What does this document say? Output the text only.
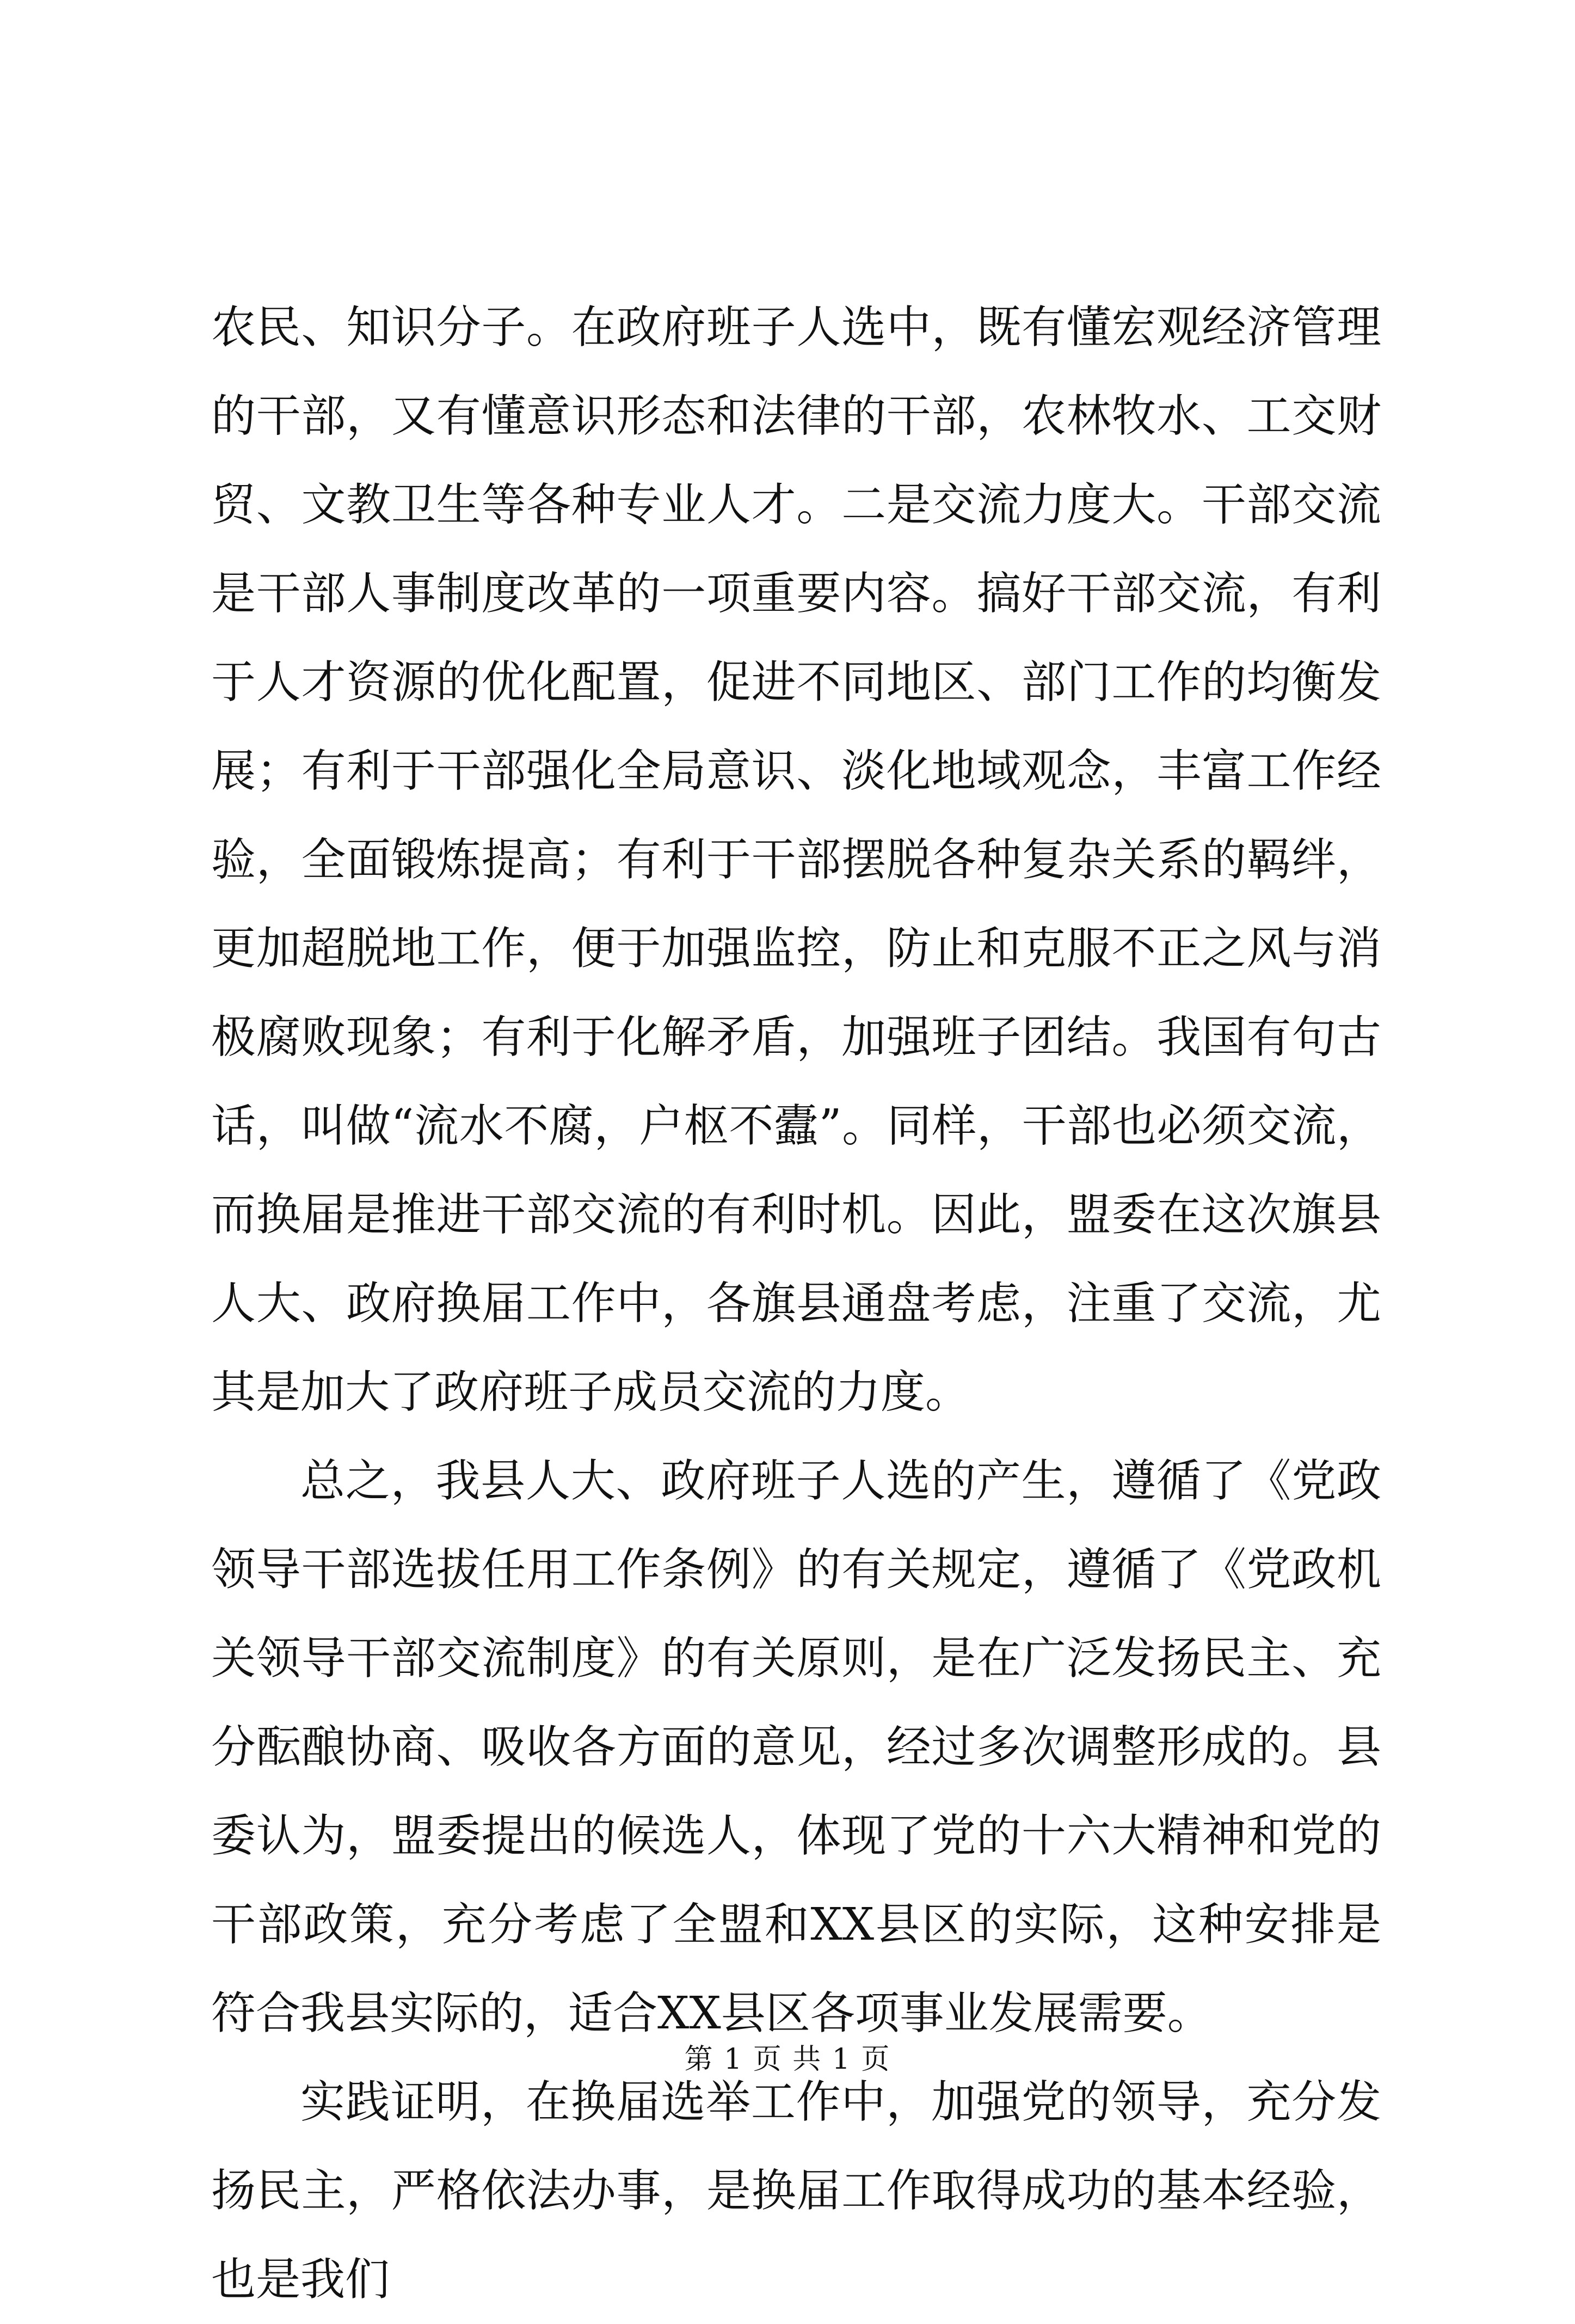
农民、知识分子。在政府班子人选中，既有懂宏观经济管理的干部，又有懂意识形态和法律的干部，农林牧水、工交财贸、文教卫生等各种专业人才。二是交流力度大。干部交流是干部人事制度改革的一项重要内容。搞好干部交流，有利于人才资源的优化配置，促进不同地区、部门工作的均衡发展；有利于干部强化全局意识、淡化地域观念，丰富工作经验，全面锻炼提高；有利于干部摆脱各种复杂关系的羁绊，更加超脱地工作，便于加强监控，防止和克服不正之风与消极腐败现象；有利于化解矛盾，加强班子团结。我国有句古话，叫做“流水不腐，户枢不蠹”。同样，干部也必须交流，而换届是推进干部交流的有利时机。因此，盟委在这次旗县人大、政府换届工作中，各旗县通盘考虑，注重了交流，尤其是加大了政府班子成员交流的力度。

总之，我县人大、政府班子人选的产生，遵循了《党政领导干部选拔任用工作条例》的有关规定，遵循了《党政机关领导干部交流制度》的有关原则，是在广泛发扬民主、充分酝酿协商、吸收各方面的意见，经过多次调整形成的。县委认为，盟委提出的候选人，体现了党的十六大精神和党的干部政策，充分考虑了全盟和XX县区的实际，这种安排是符合我县实际的，适合XX县区各项事业发展需要。

实践证明，在换届选举工作中，加强党的领导，充分发扬民主，严格依法办事，是换届工作取得成功的基本经验，也是我们

第 1 页 共 1 页
